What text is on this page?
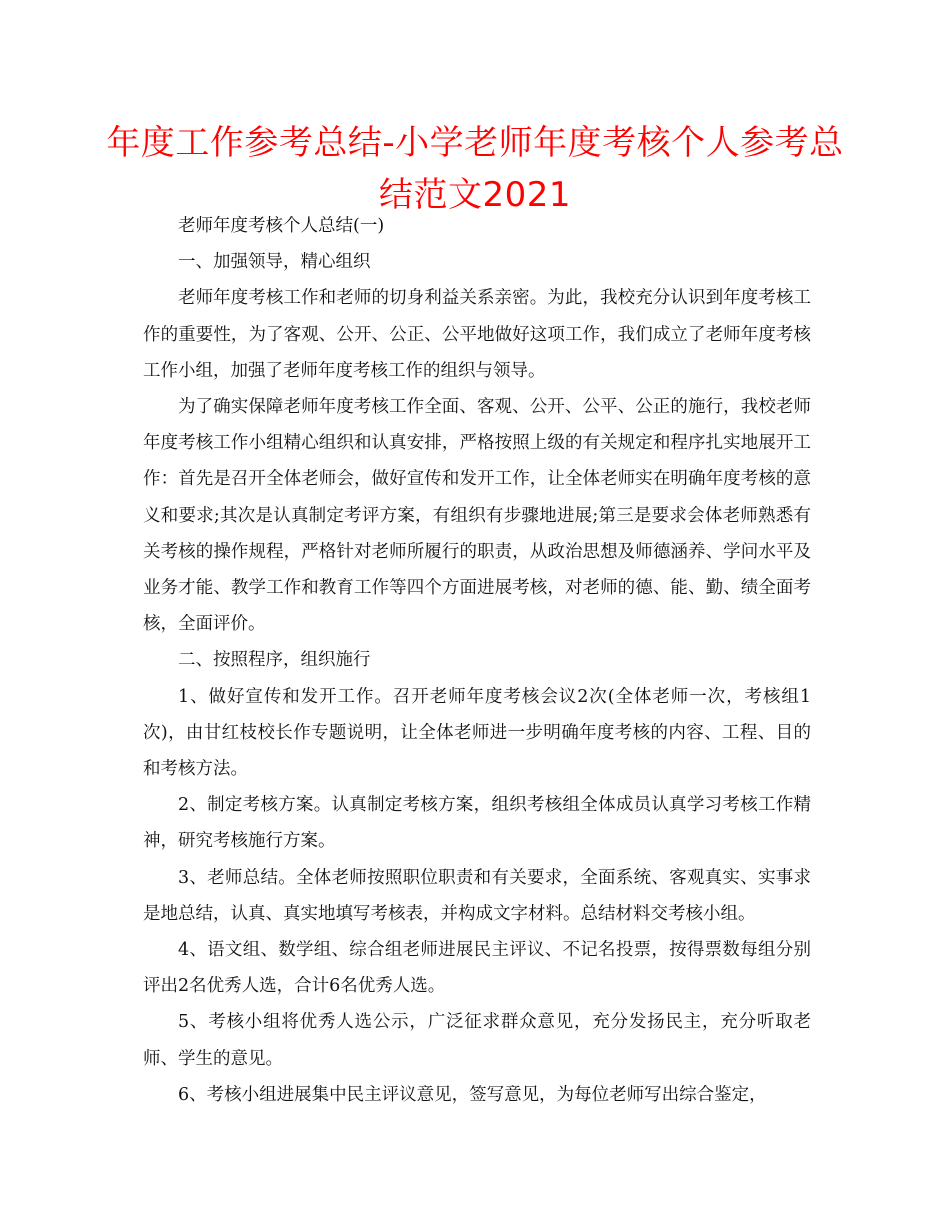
年度工作参考总结-小学老师年度考核个人参考总结范文2021

老师年度考核个人总结(一)

一、加强领导，精心组织

老师年度考核工作和老师的切身利益关系亲密。为此，我校充分认识到年度考核工作的重要性，为了客观、公开、公正、公平地做好这项工作，我们成立了老师年度考核工作小组，加强了老师年度考核工作的组织与领导。

为了确实保障老师年度考核工作全面、客观、公开、公平、公正的施行，我校老师年度考核工作小组精心组织和认真安排，严格按照上级的有关规定和程序扎实地展开工作：首先是召开全体老师会，做好宣传和发开工作，让全体老师实在明确年度考核的意义和要求;其次是认真制定考评方案，有组织有步骤地进展;第三是要求会体老师熟悉有关考核的操作规程，严格针对老师所履行的职责，从政治思想及师德涵养、学问水平及业务才能、教学工作和教育工作等四个方面进展考核，对老师的德、能、勤、绩全面考核，全面评价。

二、按照程序，组织施行

1、做好宣传和发开工作。召开老师年度考核会议2次(全体老师一次，考核组1次)，由甘红枝校长作专题说明，让全体老师进一步明确年度考核的内容、工程、目的和考核方法。

2、制定考核方案。认真制定考核方案，组织考核组全体成员认真学习考核工作精神，研究考核施行方案。

3、老师总结。全体老师按照职位职责和有关要求，全面系统、客观真实、实事求是地总结，认真、真实地填写考核表，并构成文字材料。总结材料交考核小组。

4、语文组、数学组、综合组老师进展民主评议、不记名投票，按得票数每组分别评出2名优秀人选，合计6名优秀人选。

5、考核小组将优秀人选公示，广泛征求群众意见，充分发扬民主，充分听取老师、学生的意见。

6、考核小组进展集中民主评议意见，签写意见，为每位老师写出综合鉴定，
